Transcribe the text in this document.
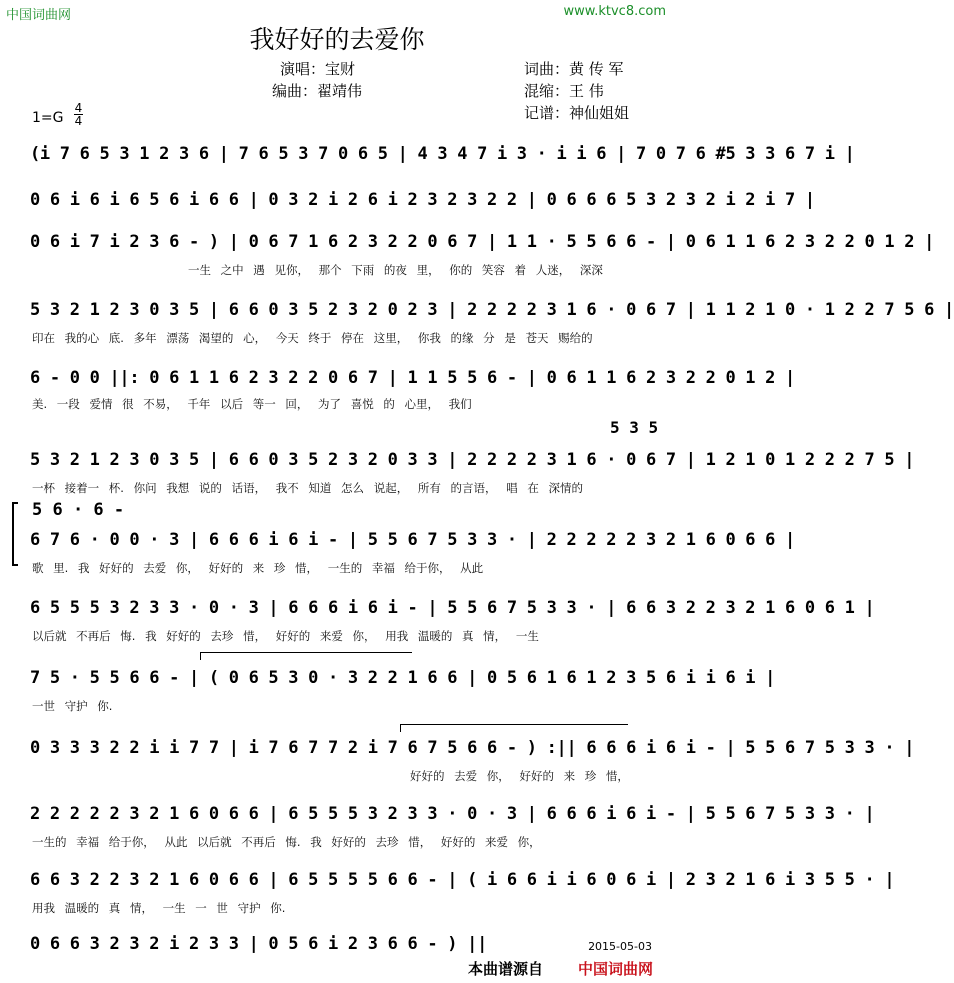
中国词曲网	www.ktvc8.com
我好好的去爱你
演唱：宝财
编曲：翟靖伟
词曲：黄 传 军
混缩：王 伟
记谱：神仙姐姐
1=G
4

4
(i 7 6 5 3 1 2 3 6 | 7 6 5 3 7 0 6 5 | 4 3 4 7 i 3 · i i 6 | 7 0 7 6 #5 3 3 6 7 i |
0 6 i 6 i 6 5 6 i 6 6 | 0 3 2 i 2 6 i 2 3 2 3 2 2 | 0 6 6 6 5 3 2 3 2 i 2 i 7 |
0 6 i 7 i 2 3 6 - ) | 0 6 7 1 6 2 3 2 2 0 6 7 | 1 1 · 5 5 6 6 - | 0 6 1 1 6 2 3 2 2 0 1 2 |
一生 之中 遇 见你， 那个 下雨 的夜 里， 你的 笑容 着 人迷， 深深
5 3 2 1 2 3 0 3 5 | 6 6 0 3 5 2 3 2 0 2 3 | 2 2 2 2 3 1 6 · 0 6 7 | 1 1 2 1 0 · 1 2 2 7 5 6 |
印在 我的心 底. 多年 漂荡 渴望的 心， 今天 终于 停在 这里， 你我 的缘 分 是 苍天 赐给的
6 - 0 0 ||: 0 6 1 1 6 2 3 2 2 0 6 7 | 1 1 5 5 6 - | 0 6 1 1 6 2 3 2 2 0 1 2 |
美. 一段 爱情 很 不易， 千年 以后 等一 回， 为了 喜悦 的 心里， 我们
5 3 5
5 3 2 1 2 3 0 3 5 | 6 6 0 3 5 2 3 2 0 3 3 | 2 2 2 2 3 1 6 · 0 6 7 | 1 2 1 0 1 2 2 2 7 5 |
一杯 接着一 杯. 你问 我想 说的 话语， 我不 知道 怎么 说起， 所有 的言语， 唱 在 深情的
5 6 · 6 -
6 7 6 · 0 0 · 3 | 6 6 6 i 6 i - | 5 5 6 7 5 3 3 · | 2 2 2 2 2 3 2 1 6 0 6 6 |
歌 里. 我 好好的 去爱 你， 好好的 来 珍 惜， 一生的 幸福 给于你， 从此
6 5 5 5 3 2 3 3 · 0 · 3 | 6 6 6 i 6 i - | 5 5 6 7 5 3 3 · | 6 6 3 2 2 3 2 1 6 0 6 1 |
以后就 不再后 悔. 我 好好的 去珍 惜， 好好的 来爱 你， 用我 温暖的 真 情， 一生
7 5 · 5 5 6 6 - | ( 0 6 5 3 0 · 3 2 2 1 6 6 | 0 5 6 1 6 1 2 3 5 6 i i 6 i |
一世 守护 你.
0 3 3 3 2 2 i i 7 7 | i 7 6 7 7 2 i 7 6 7 5 6 6 - ) :|| 6 6 6 i 6 i - | 5 5 6 7 5 3 3 · |
好好的 去爱 你， 好好的 来 珍 惜，
2 2 2 2 2 3 2 1 6 0 6 6 | 6 5 5 5 3 2 3 3 · 0 · 3 | 6 6 6 i 6 i - | 5 5 6 7 5 3 3 · |
一生的 幸福 给于你， 从此 以后就 不再后 悔. 我 好好的 去珍 惜， 好好的 来爱 你，
6 6 3 2 2 3 2 1 6 0 6 6 | 6 5 5 5 5 6 6 - | ( i 6 6 i i 6 0 6 i | 2 3 2 1 6 i 3 5 5 · |
用我 温暖的 真 情， 一生 一 世 守护 你.
0 6 6 3 2 3 2 i 2 3 3 | 0 5 6 i 2 3 6 6 - ) ||	2015-05-03
本曲谱源自 中国词曲网
